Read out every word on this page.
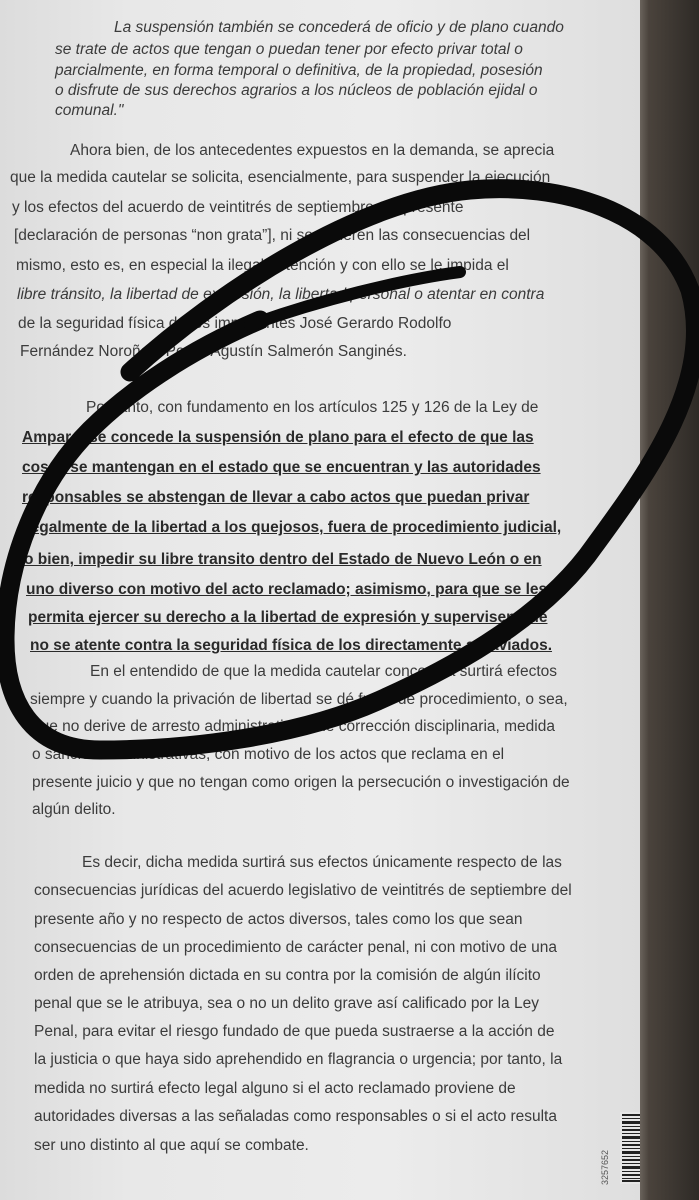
La suspensión también se concederá de oficio y de plano cuando
se trate de actos que tengan o puedan tener por efecto privar total o
parcialmente, en forma temporal o definitiva, de la propiedad, posesión
o disfrute de sus derechos agrarios a los núcleos de población ejidal o
comunal."
Ahora bien, de los antecedentes expuestos en la demanda, se aprecia
que la medida cautelar se solicita, esencialmente, para suspender la ejecución
y los efectos del acuerdo de veintitrés de septiembre del presente
[declaración de personas “non grata”], ni se generen las consecuencias del
mismo, esto es, en especial la ilegal detención y con ello se le impida el
libre tránsito, la libertad de expresión, la libertad personal o atentar en contra
de la seguridad física de los impetrantes José Gerardo Rodolfo
Fernández Noroña y Pedro Agustín Salmerón Sanginés.
Por tanto, con fundamento en los artículos 125 y 126 de la Ley de
Amparo, se concede la suspensión de plano para el efecto de que las
cosas se mantengan en el estado que se encuentran y las autoridades
responsables se abstengan de llevar a cabo actos que puedan privar
ilegalmente de la libertad a los quejosos, fuera de procedimiento judicial,
o bien, impedir su libre transito dentro del Estado de Nuevo León o en
uno diverso con motivo del acto reclamado; asimismo, para que se les
permita ejercer su derecho a la libertad de expresión y supervisen que
no se atente contra la seguridad física de los directamente agraviados.
En el entendido de que la medida cautelar concedida surtirá efectos
siempre y cuando la privación de libertad se dé fuera de procedimiento, o sea,
que no derive de arresto administrativo o de corrección disciplinaria, medida
o sanción administrativas, con motivo de los actos que reclama en el
presente juicio y que no tengan como origen la persecución o investigación de
algún delito.
Es decir, dicha medida surtirá sus efectos únicamente respecto de las
consecuencias jurídicas del acuerdo legislativo de veintitrés de septiembre del
presente año y no respecto de actos diversos, tales como los que sean
consecuencias de un procedimiento de carácter penal, ni con motivo de una
orden de aprehensión dictada en su contra por la comisión de algún ilícito
penal que se le atribuya, sea o no un delito grave así calificado por la Ley
Penal, para evitar el riesgo fundado de que pueda sustraerse a la acción de
la justicia o que haya sido aprehendido en flagrancia o urgencia; por tanto, la
medida no surtirá efecto legal alguno si el acto reclamado proviene de
autoridades diversas a las señaladas como responsables o si el acto resulta
ser uno distinto al que aquí se combate.
3257652
